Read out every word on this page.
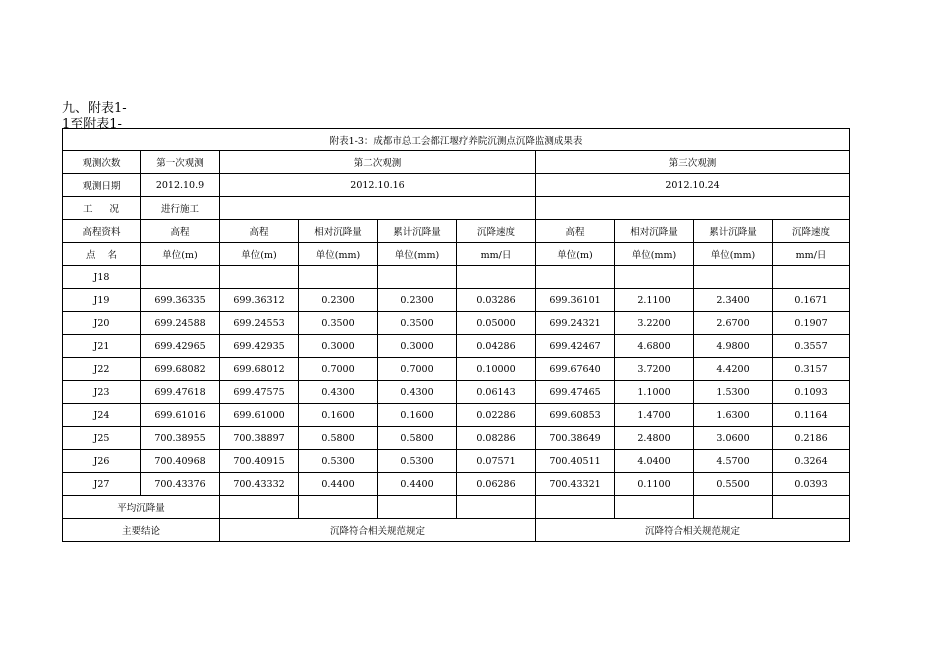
九、附表1-
1至附表1-
附表1-3：成都市总工会都江堰疗养院沉测点沉降监测成果表									
观测次数	第一次观测	第二次观测				第三次观测			
观测日期	2012.10.9	2012.10.16				2012.10.24			
工    况	进行施工								
高程资料	高程	高程	相对沉降量	累计沉降量	沉降速度	高程	相对沉降量	累计沉降量	沉降速度
点    名	单位(m)	单位(m)	单位(mm)	单位(mm)	mm/日	单位(m)	单位(mm)	单位(mm)	mm/日
J18									
J19	699.36335	699.36312	0.2300	0.2300	0.03286	699.36101	2.1100	2.3400	0.1671
J20	699.24588	699.24553	0.3500	0.3500	0.05000	699.24321	3.2200	2.6700	0.1907
J21	699.42965	699.42935	0.3000	0.3000	0.04286	699.42467	4.6800	4.9800	0.3557
J22	699.68082	699.68012	0.7000	0.7000	0.10000	699.67640	3.7200	4.4200	0.3157
J23	699.47618	699.47575	0.4300	0.4300	0.06143	699.47465	1.1000	1.5300	0.1093
J24	699.61016	699.61000	0.1600	0.1600	0.02286	699.60853	1.4700	1.6300	0.1164
J25	700.38955	700.38897	0.5800	0.5800	0.08286	700.38649	2.4800	3.0600	0.2186
J26	700.40968	700.40915	0.5300	0.5300	0.07571	700.40511	4.0400	4.5700	0.3264
J27	700.43376	700.43332	0.4400	0.4400	0.06286	700.43321	0.1100	0.5500	0.0393
平均沉降量									
主要结论		沉降符合相关规范规定				沉降符合相关规范规定			
